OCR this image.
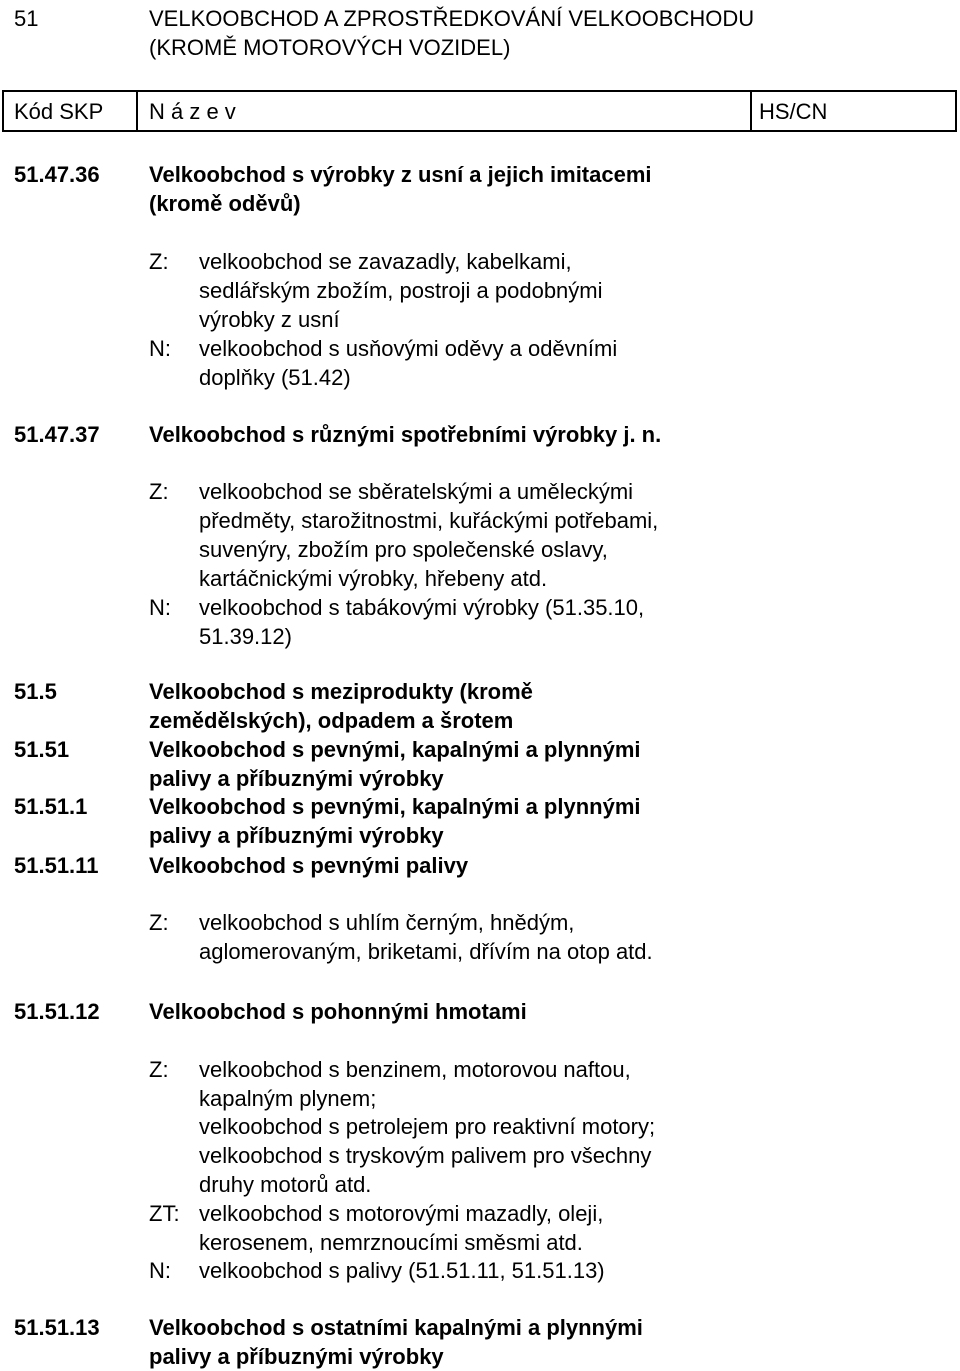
51	VELKOOBCHOD A ZPROSTŘEDKOVÁNÍ VELKOOBCHODU
(KROMĚ MOTOROVÝCH VOZIDEL)
Kód SKP N á z e v	HS/CN
51.47.36 Velkoobchod s výrobky z usní a jejich imitacemi
(kromě oděvů)
Z: velkoobchod se zavazadly, kabelkami,
sedlářským zbožím, postroji a podobnými
výrobky z usní
N: velkoobchod s usňovými oděvy a oděvními
doplňky (51.42)
51.47.37 Velkoobchod s různými spotřebními výrobky j. n.
Z: velkoobchod se sběratelskými a uměleckými
předměty, starožitnostmi, kuřáckými potřebami,
suvenýry, zbožím pro společenské oslavy,
kartáčnickými výrobky, hřebeny atd.
N: velkoobchod s tabákovými výrobky (51.35.10,
51.39.12)
51.5	Velkoobchod s meziprodukty (kromě
zemědělských), odpadem a šrotem
51.51	Velkoobchod s pevnými, kapalnými a plynnými
palivy a příbuznými výrobky
51.51.1	Velkoobchod s pevnými, kapalnými a plynnými
palivy a příbuznými výrobky
51.51.11 Velkoobchod s pevnými palivy
Z: velkoobchod s uhlím černým, hnědým,
aglomerovaným, briketami, dřívím na otop atd.
51.51.12 Velkoobchod s pohonnými hmotami
Z: velkoobchod s benzinem, motorovou naftou,
kapalným plynem;
velkoobchod s petrolejem pro reaktivní motory;
velkoobchod s tryskovým palivem pro všechny
druhy motorů atd.
ZT: velkoobchod s motorovými mazadly, oleji,
kerosenem, nemrznoucími směsmi atd.
N: velkoobchod s palivy (51.51.11, 51.51.13)
51.51.13 Velkoobchod s ostatními kapalnými a plynnými
palivy a příbuznými výrobky
